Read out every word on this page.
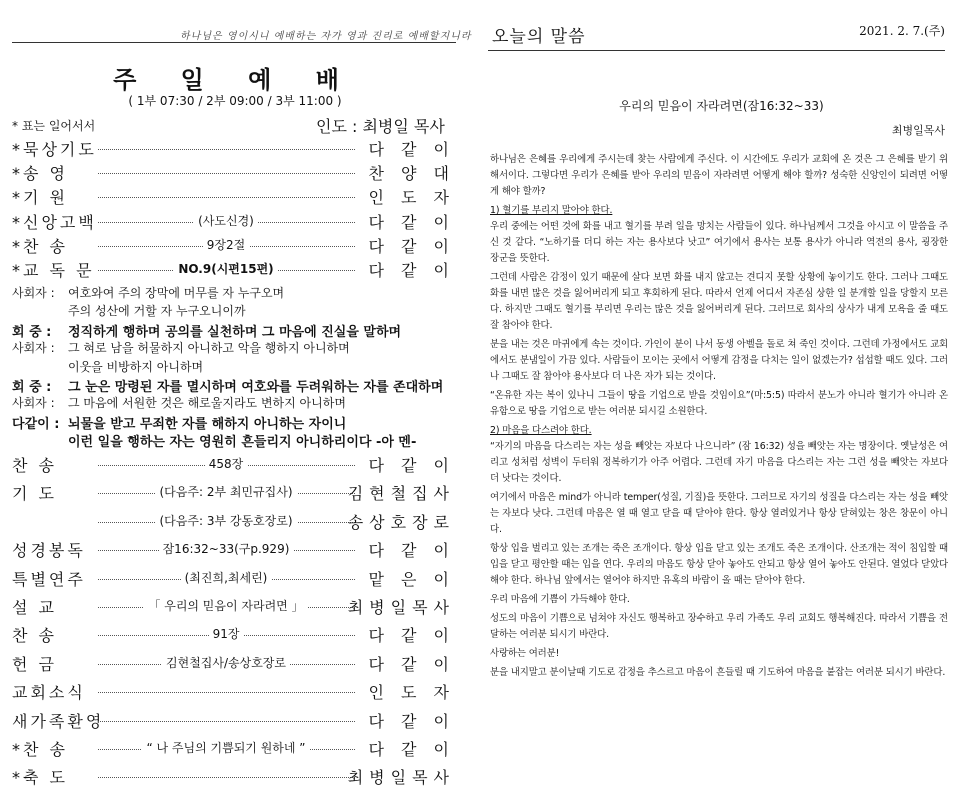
하나님은 영이시니 예배하는 자가 영과 진리로 예배할지니라
주 일 예 배
( 1부 07:30 / 2부 09:00 / 3부 11:00 )
* 표는 일어서서	인도 : 최병일 목사
*묵상기도	다 같 이
*송 영	찬 양 대
*기 원	인 도 자
*신앙고백	(사도신경)	다 같 이
*찬 송	9장2절	다 같 이
*교 독 문	NO.9(시편15편)	다 같 이
사회자 : 여호와여 주의 장막에 머무를 자 누구오며
주의 성산에 거할 자 누구오니이까
회 중 : 정직하게 행하며 공의를 실천하며 그 마음에 진실을 말하며
사회자 : 그 혀로 남을 허물하지 아니하고 악을 행하지 아니하며
이웃을 비방하지 아니하며
회 중 : 그 눈은 망령된 자를 멸시하며 여호와를 두려워하는 자를 존대하며
사회자 : 그 마음에 서원한 것은 해로울지라도 변하지 아니하며
다같이 : 뇌물을 받고 무죄한 자를 해하지 아니하는 자이니
이런 일을 행하는 자는 영원히 흔들리지 아니하리이다 -아 멘-
찬 송	458장	다 같 이
기 도	(다음주: 2부 최민규집사)	김현철집사
(다음주: 3부 강동호장로)	송상호장로
성경봉독	잠16:32~33(구p.929)	다 같 이
특별연주	(최진희,최세린)	맡 은 이
설 교	「 우리의 믿음이 자라려면 」	최병일목사
찬 송	91장	다 같 이
헌 금	김현철집사/송상호장로	다 같 이
교회소식	인 도 자
새가족환영	다 같 이
*찬 송	“ 나 주님의 기쁨되기 원하네 ”	다 같 이
*축 도	최병일목사
오늘의 말씀	2021. 2. 7.(주)
우리의 믿음이 자라려면(잠16:32~33)
최병일목사

하나님은 은혜를 우리에게 주시는데 찾는 사람에게 주신다. 이 시간에도 우리가 교회에 온 것은 그 은혜를 받기 위해서이다. 그렇다면 우리가 은혜를 받아 우리의 믿음이 자라려면 어떻게 해야 할까? 성숙한 신앙인이 되려면 어떻게 해야 할까?

1) 혈기를 부리지 말아야 한다.

우리 중에는 어떤 것에 화를 내고 혈기를 부려 일을 망치는 사람들이 있다. 하나님께서 그것을 아시고 이 말씀을 주신 것 같다. “노하기를 더디 하는 자는 용사보다 낫고” 여기에서 용사는 보통 용사가 아니라 역전의 용사, 굉장한 장군을 뜻한다.

그런데 사람은 감정이 있기 때문에 살다 보면 화를 내지 않고는 견디지 못할 상황에 놓이기도 한다. 그러나 그때도 화를 내면 많은 것을 잃어버리게 되고 후회하게 된다. 따라서 언제 어디서 자존심 상한 일 분개할 일을 당할지 모른다. 하지만 그때도 혈기를 부리면 우리는 많은 것을 잃어버리게 된다. 그러므로 회사의 상사가 내게 모욕을 줄 때도 잘 참아야 한다.

분을 내는 것은 마귀에게 속는 것이다. 가인이 분이 나서 동생 아벨을 돌로 쳐 죽인 것이다. 그런데 가정에서도 교회에서도 분냄일이 가끔 있다. 사람들이 모이는 곳에서 어떻게 감정을 다치는 일이 없겠는가? 섭섭할 때도 있다. 그러나 그때도 잘 참아야 용사보다 더 나은 자가 되는 것이다.

“온유한 자는 복이 있나니 그들이 땅을 기업으로 받을 것임이요”(마:5:5) 따라서 분노가 아니라 혈기가 아니라 온유함으로 땅을 기업으로 받는 여러분 되시길 소원한다.

2) 마음을 다스려야 한다.

“자기의 마음을 다스리는 자는 성을 빼앗는 자보다 나으니라” (잠 16:32) 성을 빼앗는 자는 명장이다. 옛날성은 여리고 성처럼 성벽이 두터워 정복하기가 아주 어렵다. 그런데 자기 마음을 다스리는 자는 그런 성을 빼앗는 자보다 더 낫다는 것이다.

여기에서 마음은 mind가 아니라 temper(성질, 기질)을 뜻한다. 그러므로 자기의 성질을 다스리는 자는 성을 빼앗는 자보다 낫다. 그런데 마음은 열 때 열고 닫을 때 닫아야 한다. 항상 열려있거나 항상 닫혀있는 창은 창문이 아니다.

항상 입을 벌리고 있는 조개는 죽은 조개이다. 항상 입을 닫고 있는 조개도 죽은 조개이다. 산조개는 적이 침입할 때 입을 닫고 평안할 때는 입을 연다. 우리의 마음도 항상 닫아 놓아도 안되고 항상 열어 놓아도 안된다. 열었다 닫았다 해야 한다. 하나님 앞에서는 열어야 하지만 유혹의 바람이 올 때는 닫아야 한다.

우리 마음에 기쁨이 가득해야 한다.

성도의 마음이 기쁨으로 넘쳐야 자신도 행복하고 장수하고 우리 가족도 우리 교회도 행복해진다. 따라서 기쁨을 전달하는 여러분 되시기 바란다.

사랑하는 여러분!

분을 내지말고 분이날때 기도로 감정을 추스르고 마음이 흔들릴 때 기도하여 마음을 붙잡는 여러분 되시기 바란다.
